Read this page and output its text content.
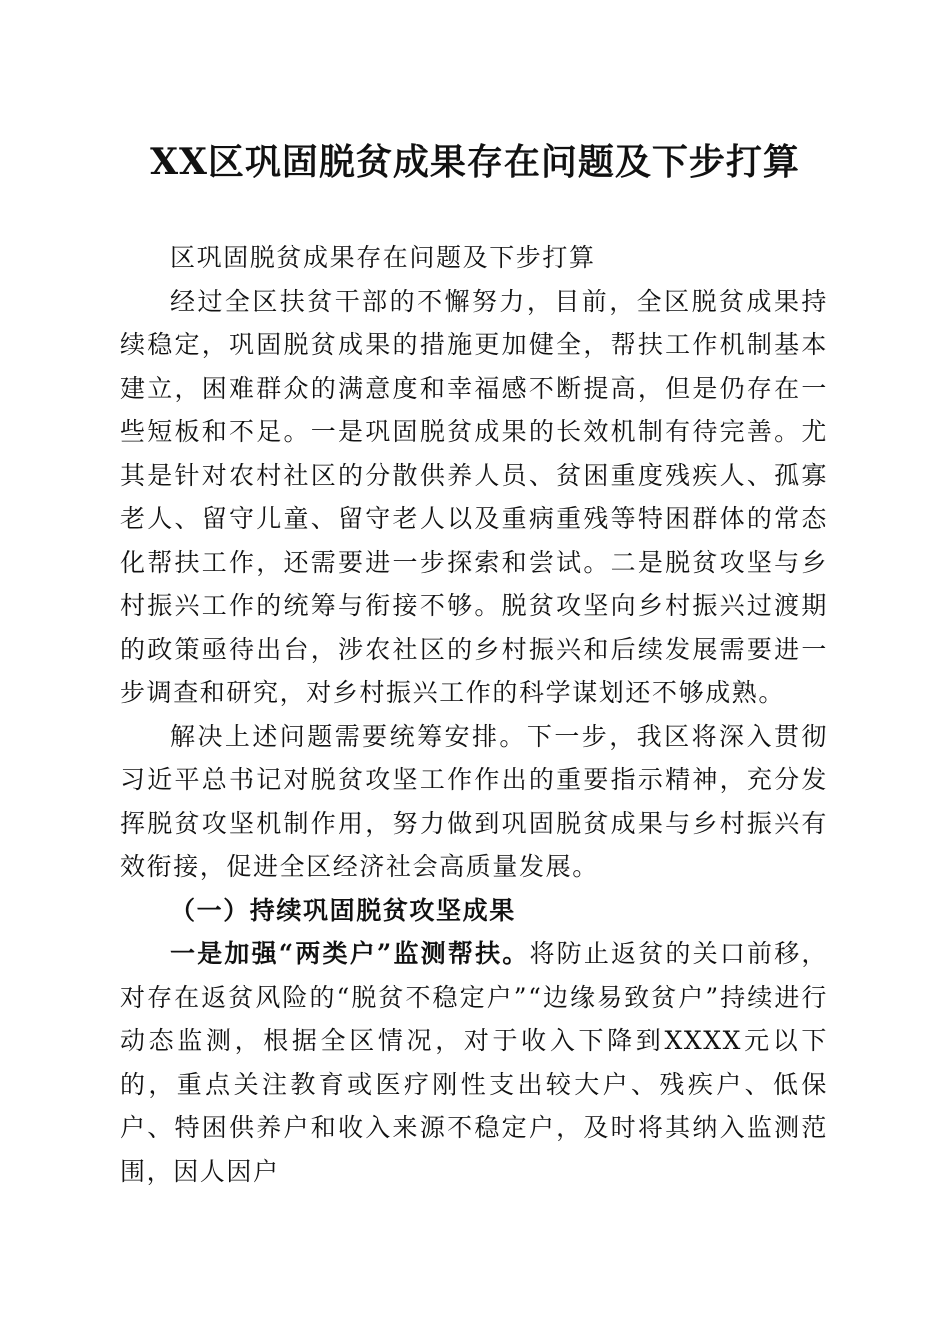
XX区巩固脱贫成果存在问题及下步打算

区巩固脱贫成果存在问题及下步打算

经过全区扶贫干部的不懈努力，目前，全区脱贫成果持续稳定，巩固脱贫成果的措施更加健全，帮扶工作机制基本建立，困难群众的满意度和幸福感不断提高，但是仍存在一些短板和不足。一是巩固脱贫成果的长效机制有待完善。尤其是针对农村社区的分散供养人员、贫困重度残疾人、孤寡老人、留守儿童、留守老人以及重病重残等特困群体的常态化帮扶工作，还需要进一步探索和尝试。二是脱贫攻坚与乡村振兴工作的统筹与衔接不够。脱贫攻坚向乡村振兴过渡期的政策亟待出台，涉农社区的乡村振兴和后续发展需要进一步调查和研究，对乡村振兴工作的科学谋划还不够成熟。

解决上述问题需要统筹安排。下一步，我区将深入贯彻习近平总书记对脱贫攻坚工作作出的重要指示精神，充分发挥脱贫攻坚机制作用，努力做到巩固脱贫成果与乡村振兴有效衔接，促进全区经济社会高质量发展。

（一）持续巩固脱贫攻坚成果

一是加强“两类户”监测帮扶。将防止返贫的关口前移，对存在返贫风险的“脱贫不稳定户”“边缘易致贫户”持续进行动态监测，根据全区情况，对于收入下降到XXXX元以下的，重点关注教育或医疗刚性支出较大户、残疾户、低保户、特困供养户和收入来源不稳定户，及时将其纳入监测范围，因人因户
